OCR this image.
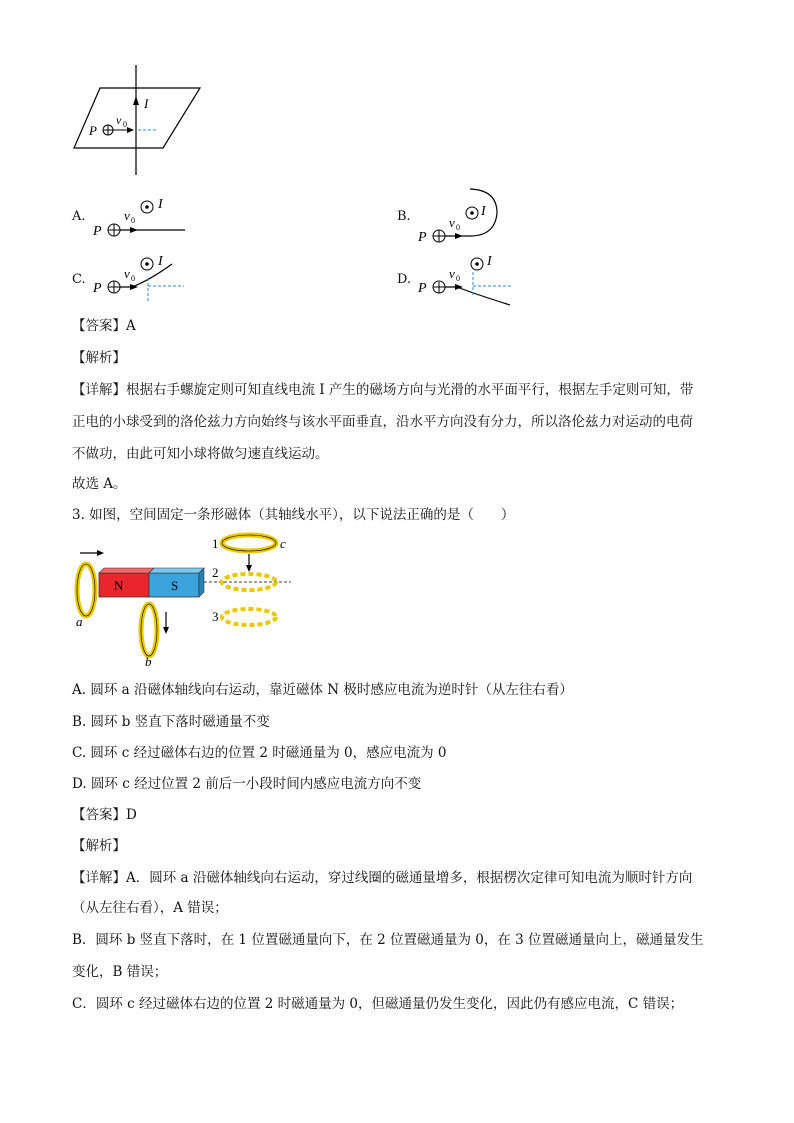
I
P
v 0
A.
P
v 0
I
B.
P
v 0
I
C.
P
v 0
I
D.
P
v 0
I
【答案】A
【解析】
【详解】根据右手螺旋定则可知直线电流 I 产生的磁场方向与光滑的水平面平行，根据左手定则可知，带
正电的小球受到的洛伦兹力方向始终与该水平面垂直，沿水平方向没有分力，所以洛伦兹力对运动的电荷
不做功，由此可知小球将做匀速直线运动。
故选 A。
3. 如图，空间固定一条形磁体（其轴线水平），以下说法正确的是（　　）
a
N	S
b
1	c
2
3
A. 圆环 a 沿磁体轴线向右运动，靠近磁体 N 极时感应电流为逆时针（从左往右看）
B. 圆环 b 竖直下落时磁通量不变
C. 圆环 c 经过磁体右边的位置 2 时磁通量为 0，感应电流为 0
D. 圆环 c 经过位置 2 前后一小段时间内感应电流方向不变
【答案】D
【解析】
【详解】A．圆环 a 沿磁体轴线向右运动，穿过线圈的磁通量增多，根据楞次定律可知电流为顺时针方向
（从左往右看），A 错误；
B．圆环 b 竖直下落时，在 1 位置磁通量向下，在 2 位置磁通量为 0，在 3 位置磁通量向上，磁通量发生
变化，B 错误；
C．圆环 c 经过磁体右边的位置 2 时磁通量为 0，但磁通量仍发生变化，因此仍有感应电流，C 错误；
